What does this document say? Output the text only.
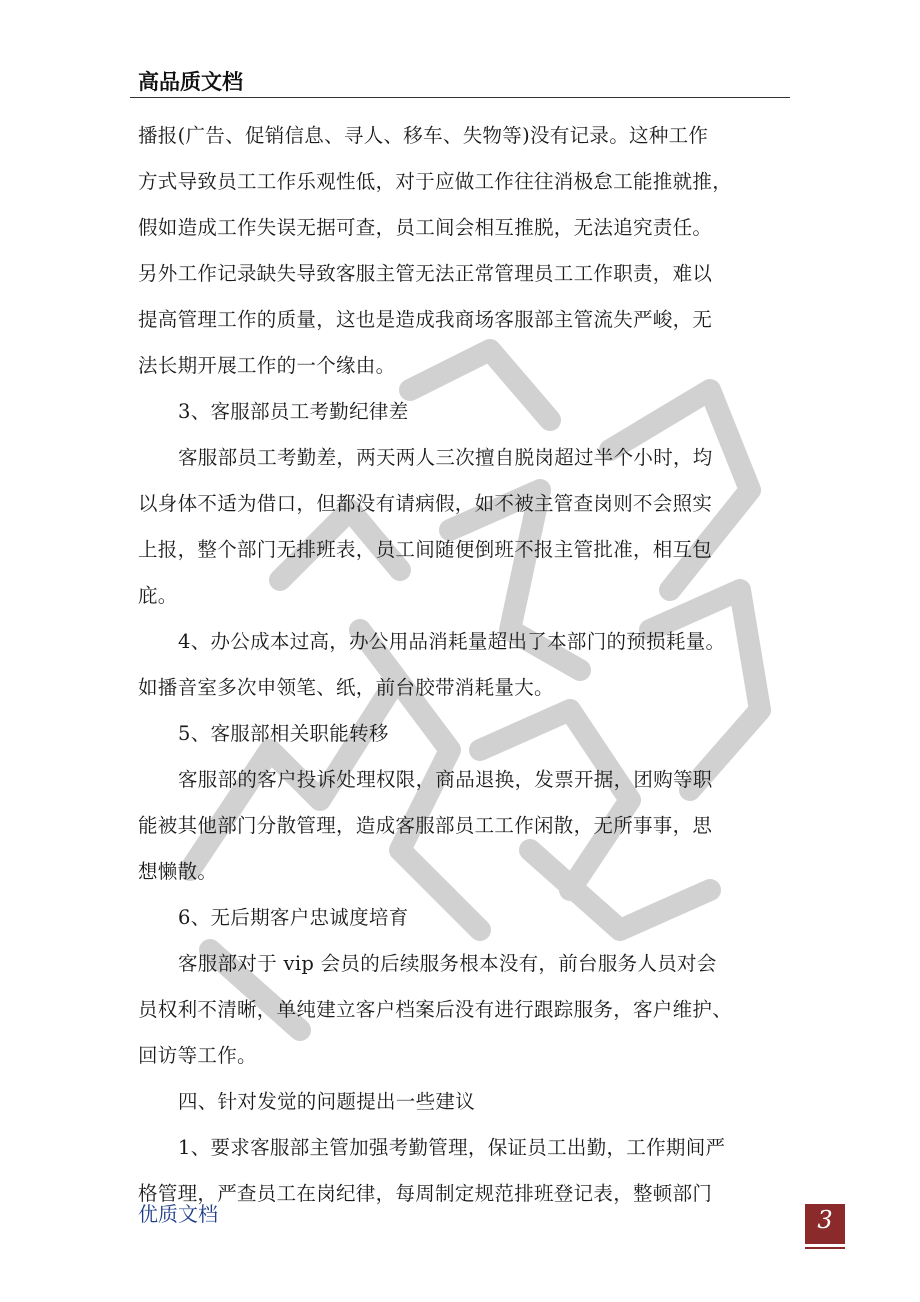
高品质文档
播报(广告、促销信息、寻人、移车、失物等)没有记录。这种工作
方式导致员工工作乐观性低，对于应做工作往往消极怠工能推就推，
假如造成工作失误无据可查，员工间会相互推脱，无法追究责任。
另外工作记录缺失导致客服主管无法正常管理员工工作职责，难以
提高管理工作的质量，这也是造成我商场客服部主管流失严峻，无
法长期开展工作的一个缘由。
3、客服部员工考勤纪律差
客服部员工考勤差，两天两人三次擅自脱岗超过半个小时，均
以身体不适为借口，但都没有请病假，如不被主管查岗则不会照实
上报，整个部门无排班表，员工间随便倒班不报主管批准，相互包
庇。
4、办公成本过高，办公用品消耗量超出了本部门的预损耗量。
如播音室多次申领笔、纸，前台胶带消耗量大。
5、客服部相关职能转移
客服部的客户投诉处理权限，商品退换，发票开据，团购等职
能被其他部门分散管理，造成客服部员工工作闲散，无所事事，思
想懒散。
6、无后期客户忠诚度培育
客服部对于 vip 会员的后续服务根本没有，前台服务人员对会
员权利不清晰，单纯建立客户档案后没有进行跟踪服务，客户维护、
回访等工作。
四、针对发觉的问题提出一些建议
1、要求客服部主管加强考勤管理，保证员工出勤，工作期间严
格管理，严查员工在岗纪律，每周制定规范排班登记表，整顿部门
优质文档	3
